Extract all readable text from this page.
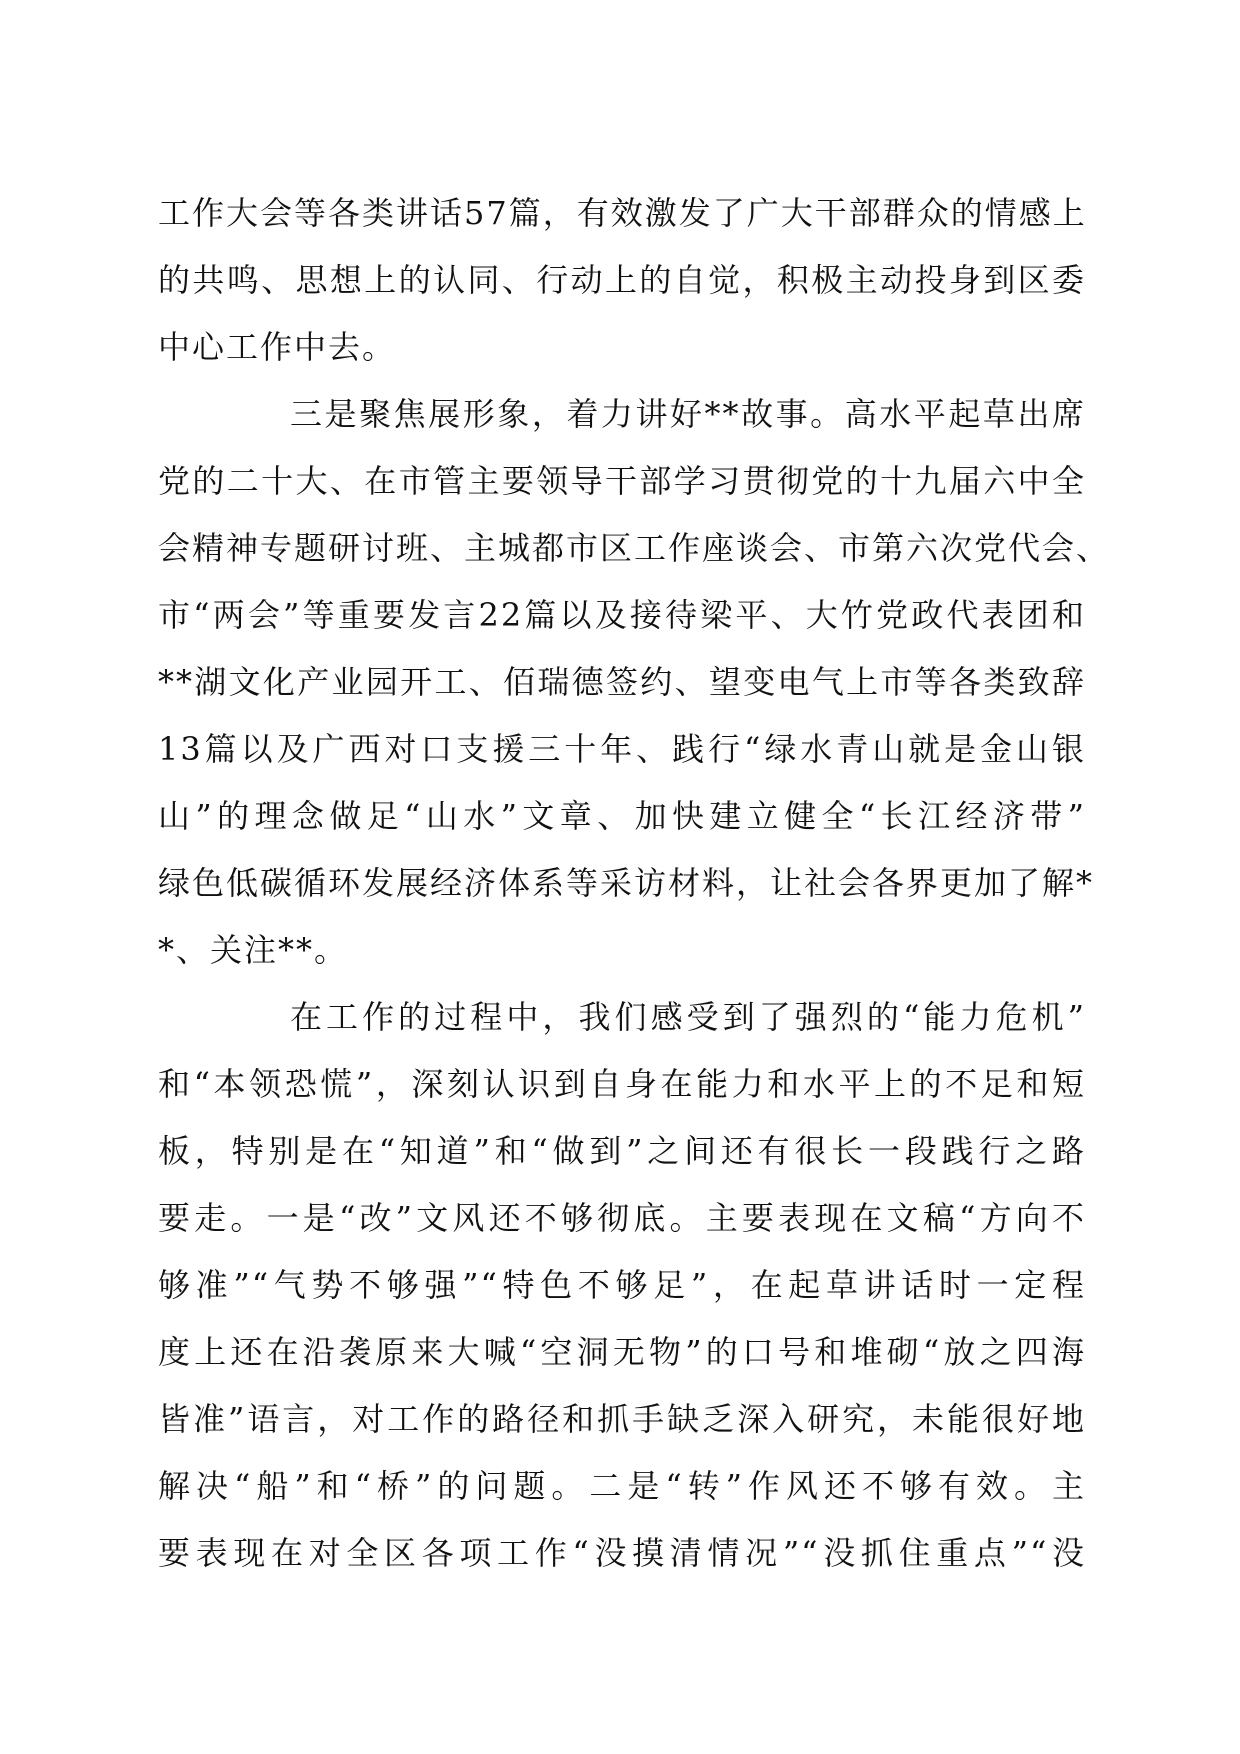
工作大会等各类讲话57篇，有效激发了广大干部群众的情感上
的共鸣、思想上的认同、行动上的自觉，积极主动投身到区委
中心工作中去。
三是聚焦展形象，着力讲好**故事。高水平起草出席
党的二十大、在市管主要领导干部学习贯彻党的十九届六中全
会精神专题研讨班、主城都市区工作座谈会、市第六次党代会、
市“两会”等重要发言22篇以及接待梁平、大竹党政代表团和
**湖文化产业园开工、佰瑞德签约、望变电气上市等各类致辞
13篇以及广西对口支援三十年、践行“绿水青山就是金山银
山”的理念做足“山水”文章、加快建立健全“长江经济带”
绿色低碳循环发展经济体系等采访材料，让社会各界更加了解*
*、关注**。
在工作的过程中，我们感受到了强烈的“能力危机”
和“本领恐慌”，深刻认识到自身在能力和水平上的不足和短
板，特别是在“知道”和“做到”之间还有很长一段践行之路
要走。一是“改”文风还不够彻底。主要表现在文稿“方向不
够准”“气势不够强”“特色不够足”，在起草讲话时一定程
度上还在沿袭原来大喊“空洞无物”的口号和堆砌“放之四海
皆准”语言，对工作的路径和抓手缺乏深入研究，未能很好地
解决“船”和“桥”的问题。二是“转”作风还不够有效。主
要表现在对全区各项工作“没摸清情况”“没抓住重点”“没
